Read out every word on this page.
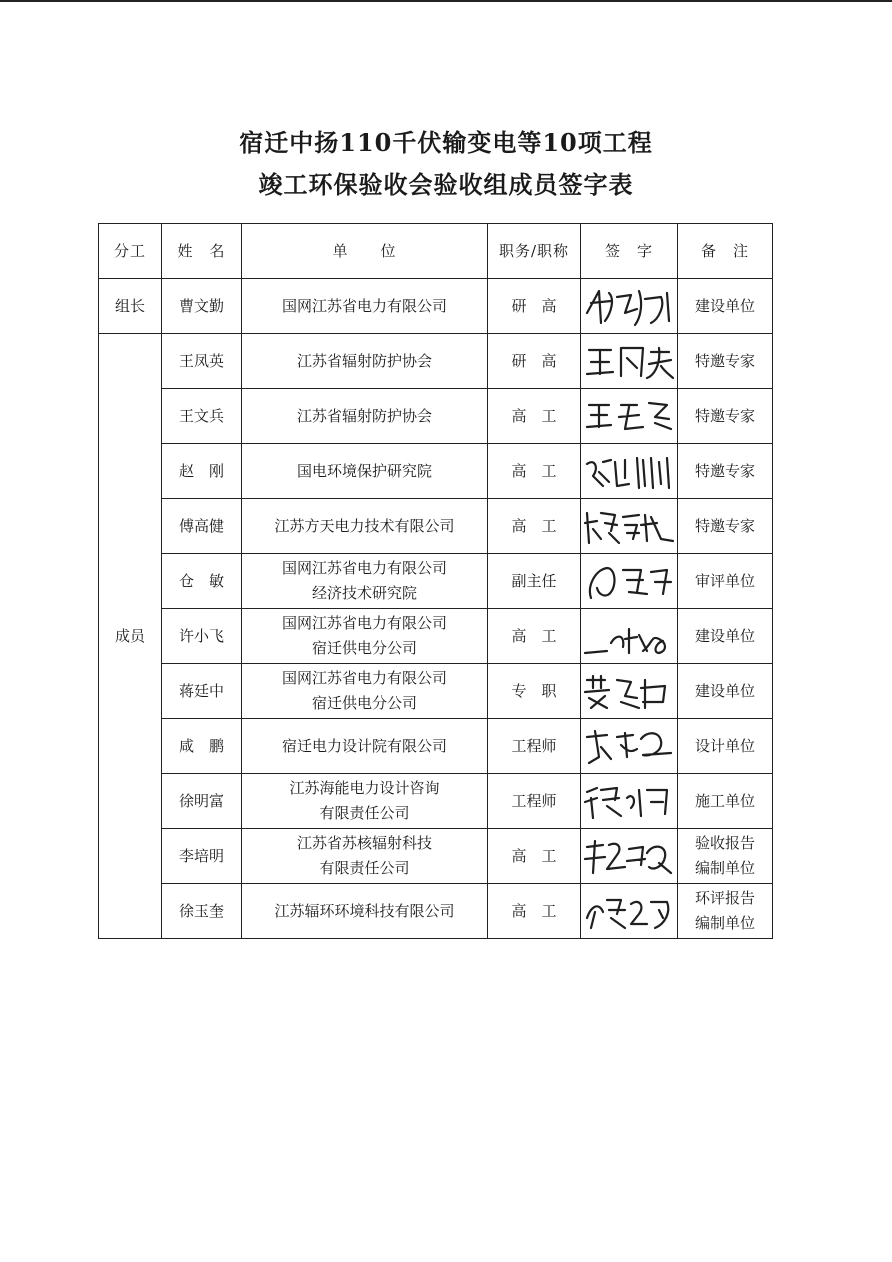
宿迁中扬110千伏输变电等10项工程
竣工环保验收会验收组成员签字表
分工	姓　名	单　　位	职务/职称	签　字	备　注
组长	曹文勤	国网江苏省电力有限公司	研　高		建设单位
成员	王凤英	江苏省辐射防护协会	研　高		特邀专家
	王文兵	江苏省辐射防护协会	高　工		特邀专家
	赵　刚	国电环境保护研究院	高　工		特邀专家
	傅高健	江苏方天电力技术有限公司	高　工		特邀专家
	仓　敏	国网江苏省电力有限公司
经济技术研究院	副主任		审评单位
	许小飞	国网江苏省电力有限公司
宿迁供电分公司	高　工		建设单位
	蒋廷中	国网江苏省电力有限公司
宿迁供电分公司	专　职		建设单位
	咸　鹏	宿迁电力设计院有限公司	工程师		设计单位
	徐明富	江苏海能电力设计咨询
有限责任公司	工程师		施工单位
	李培明	江苏省苏核辐射科技
有限责任公司	高　工		验收报告
编制单位
	徐玉奎	江苏辐环环境科技有限公司	高　工		环评报告
编制单位
